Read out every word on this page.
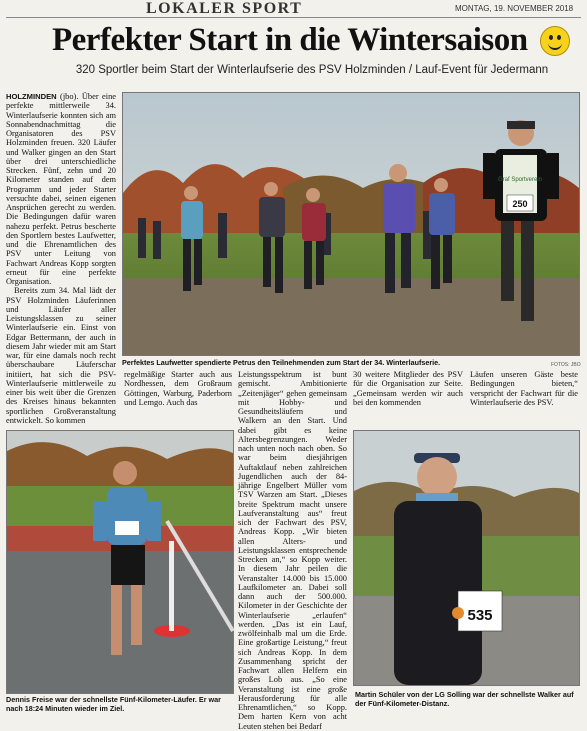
LOKALER SPORT	MONTAG, 19. NOVEMBER 2018
Perfekter Start in die Wintersaison
320 Sportler beim Start der Winterlaufserie des PSV Holzminden / Lauf-Event für Jedermann

HOLZMINDEN (jbo). Über eine perfekte mittlerweile 34. Winterlaufserie konnten sich am Sonnabendnachmittag die Organisatoren des PSV Holzminden freuen. 320 Läufer und Walker gingen an den Start über drei unterschiedliche Strecken. Fünf, zehn und 20 Kilometer standen auf dem Programm und jeder Starter versuchte dabei, seinen eigenen Ansprüchen gerecht zu werden. Die Bedingungen dafür waren nahezu perfekt. Petrus bescherte den Sportlern bestes Laufwetter, und die Ehrenamtlichen des PSV unter Leitung von Fachwart Andreas Kopp sorgten erneut für eine perfekte Organisation.

Bereits zum 34. Mal lädt der PSV Holzminden Läuferinnen und Läufer aller Leistungsklassen zu seiner Winterlaufserie ein. Einst von Edgar Bettermann, der auch in diesem Jahr wieder mit am Start war, für eine damals noch recht überschaubare Läuferschar initiiert, hat sich die PSV-Winterlaufserie mittlerweile zu einer bis weit über die Grenzen des Kreises hinaus bekannten sportlichen Großveranstaltung entwickelt. So kommen

Graf Sportverein
250
Perfektes Laufwetter spendierte Petrus den Teilnehmenden zum Start der 34. Winterlaufserie.	FOTOS: JBO

regelmäßige Starter auch aus Nordhessen, dem Großraum Göttingen, Warburg, Paderborn und Lemgo. Auch das

Leistungsspektrum ist bunt gemischt. Ambitionierte „Zeitenjäger“ gehen gemeinsam mit Hobby- und Gesundheitsläufern und Walkern an den Start. Und dabei gibt es keine Altersbegrenzungen. Weder nach unten noch nach oben. So war beim diesjährigen Auftaktlauf neben zahlreichen Jugendlichen auch der 84-jährige Engelbert Müller vom TSV Warzen am Start. „Dieses breite Spektrum macht unsere Laufveranstaltung aus“ freut sich der Fachwart des PSV, Andreas Kopp. „Wir bieten allen Alters- und Leistungsklassen entsprechende Strecken an,“ so Kopp weiter. In diesem Jahr peilen die Veranstalter 14.000 bis 15.000 Laufkilometer an. Dabei soll dann auch der 500.000. Kilometer in der Geschichte der Winterlaufserie „erlaufen“ werden. „Das ist ein Lauf, zwölfeinhalb mal um die Erde. Eine großartige Leistung,“ freut sich Andreas Kopp. In dem Zusammenhang spricht der Fachwart allen Helfern ein großes Lob aus. „So eine Veranstaltung ist eine große Herausforderung für alle Ehrenamtlichen,“ so Kopp. Dem harten Kern von acht Leuten stehen bei Bedarf

30 weitere Mitglieder des PSV für die Organisation zur Seite. „Gemeinsam werden wir auch bei den kommenden

Läufen unseren Gäste beste Bedingungen bieten,“ verspricht der Fachwart für die Winterlaufserie des PSV.

Dennis Freise war der schnellste Fünf-Kilometer-Läufer. Er war nach 18:24 Minuten wieder im Ziel.
535
Martin Schüler von der LG Solling war der schnellste Walker auf der Fünf-Kilometer-Distanz.
